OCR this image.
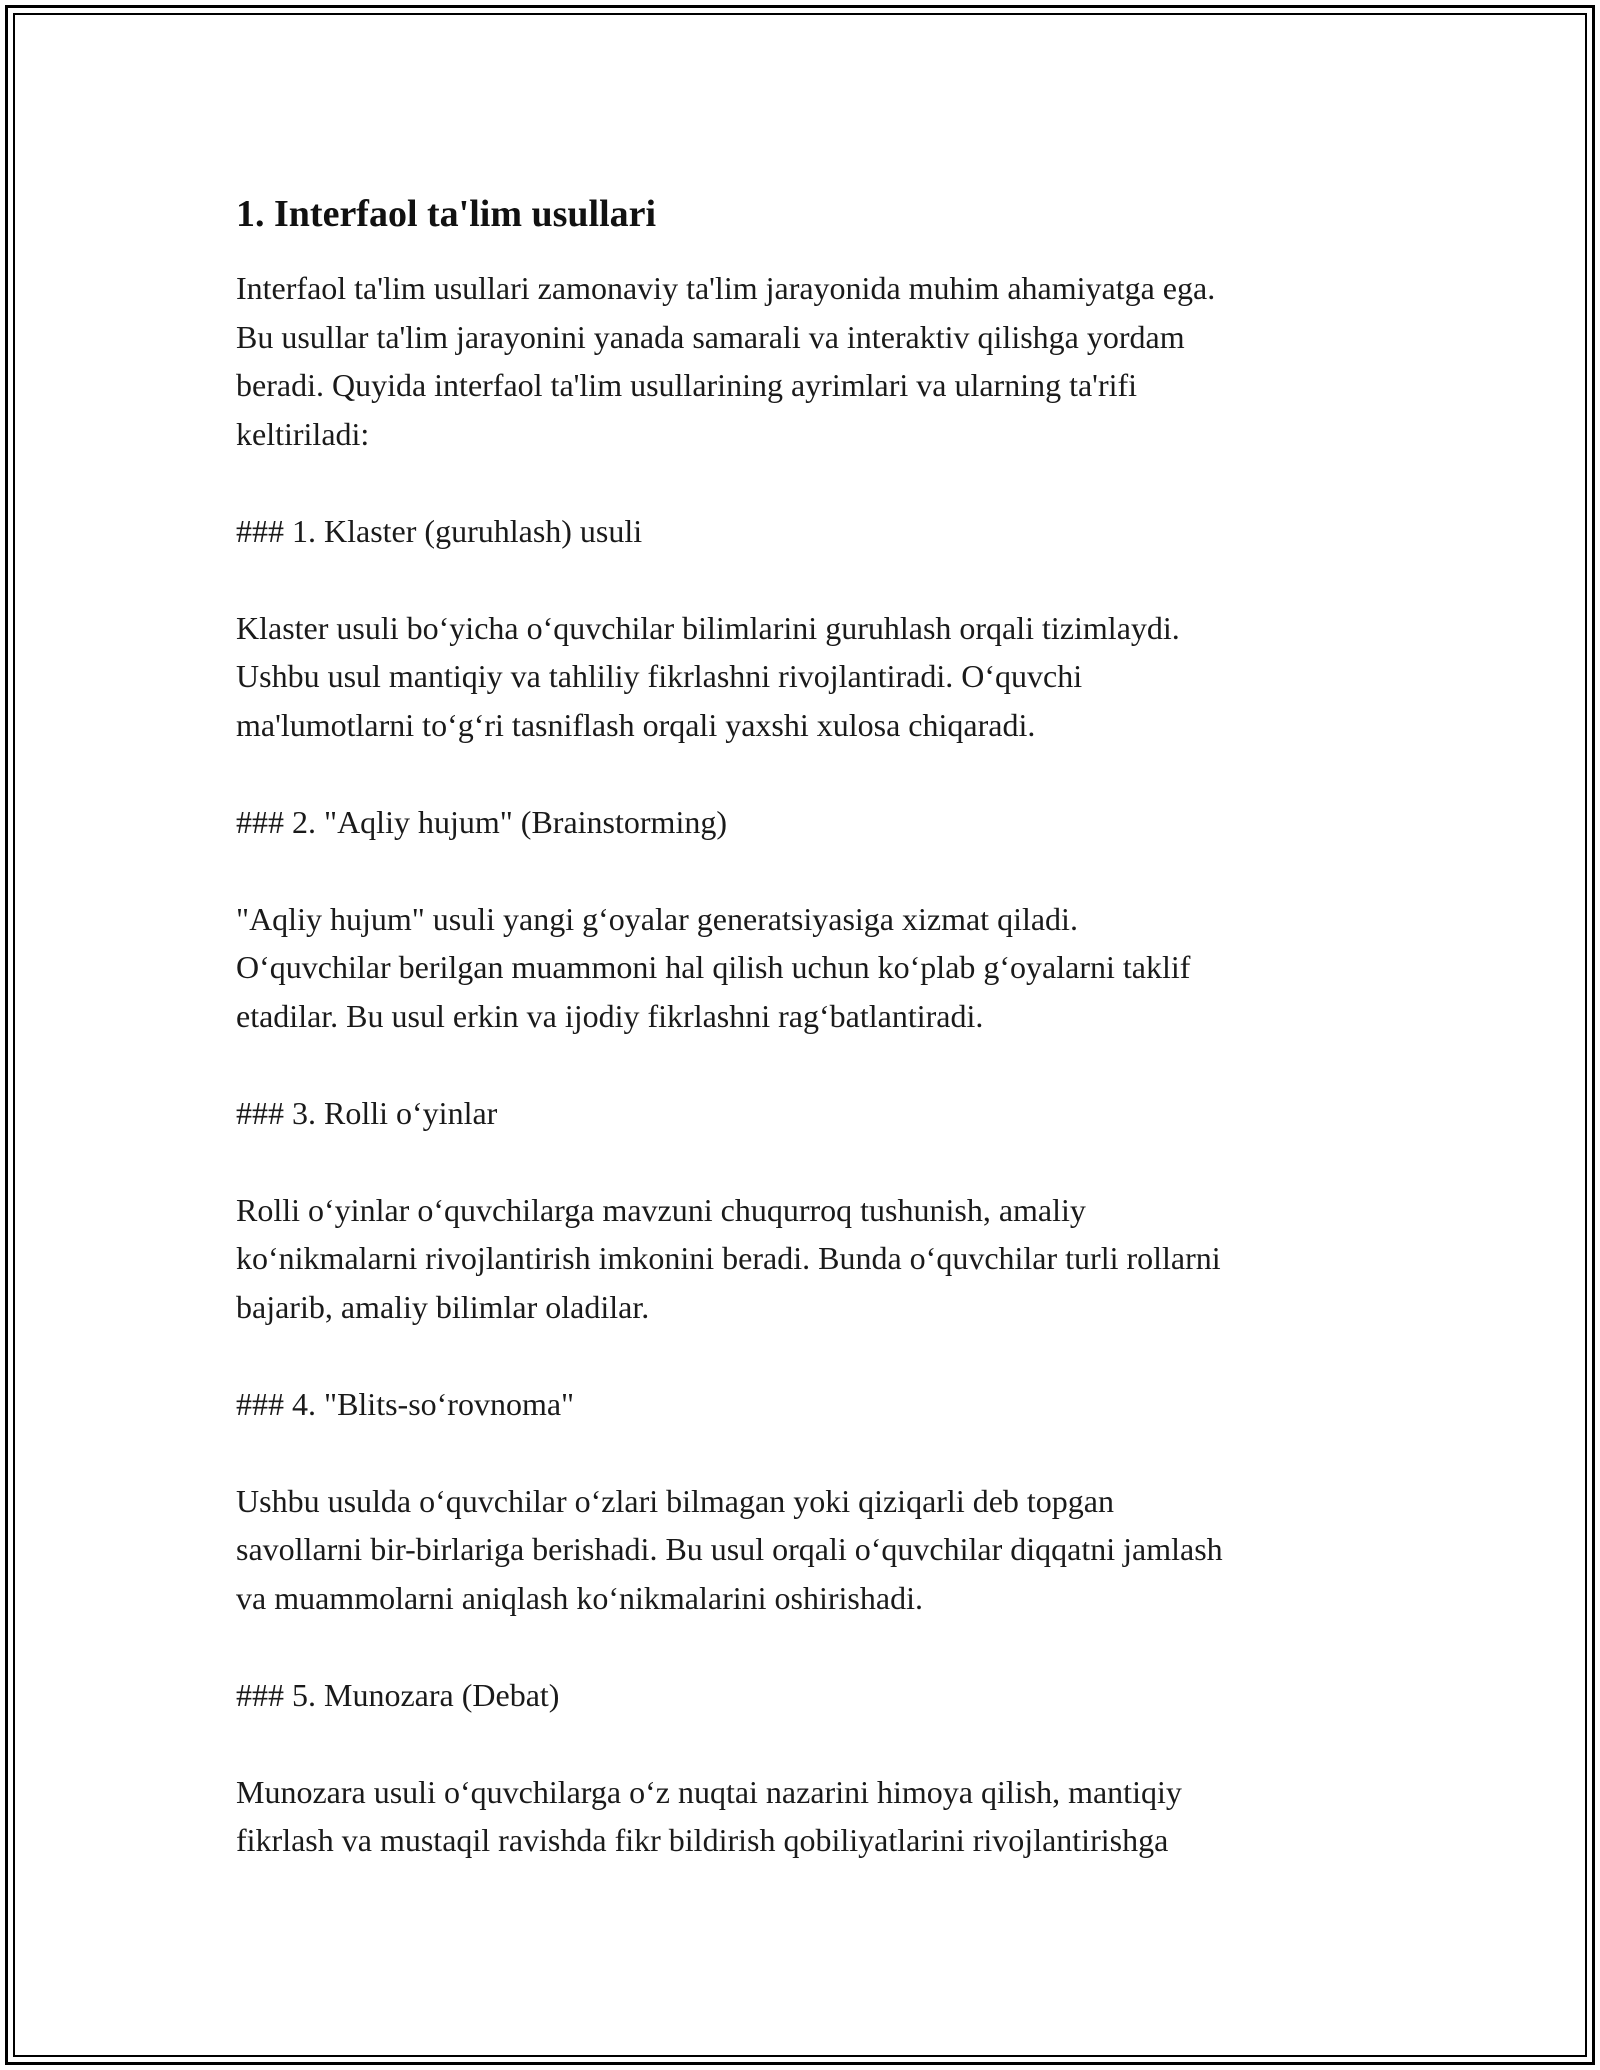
1. Interfaol ta'lim usullari

Interfaol ta'lim usullari zamonaviy ta'lim jarayonida muhim ahamiyatga ega.

Bu usullar ta'lim jarayonini yanada samarali va interaktiv qilishga yordam

beradi. Quyida interfaol ta'lim usullarining ayrimlari va ularning ta'rifi

keltiriladi:

### 1. Klaster (guruhlash) usuli

Klaster usuli bo‘yicha o‘quvchilar bilimlarini guruhlash orqali tizimlaydi.

Ushbu usul mantiqiy va tahliliy fikrlashni rivojlantiradi. O‘quvchi

ma'lumotlarni to‘g‘ri tasniflash orqali yaxshi xulosa chiqaradi.

### 2. "Aqliy hujum" (Brainstorming)

"Aqliy hujum" usuli yangi g‘oyalar generatsiyasiga xizmat qiladi.

O‘quvchilar berilgan muammoni hal qilish uchun ko‘plab g‘oyalarni taklif

etadilar. Bu usul erkin va ijodiy fikrlashni rag‘batlantiradi.

### 3. Rolli o‘yinlar

Rolli o‘yinlar o‘quvchilarga mavzuni chuqurroq tushunish, amaliy

ko‘nikmalarni rivojlantirish imkonini beradi. Bunda o‘quvchilar turli rollarni

bajarib, amaliy bilimlar oladilar.

### 4. "Blits-so‘rovnoma"

Ushbu usulda o‘quvchilar o‘zlari bilmagan yoki qiziqarli deb topgan

savollarni bir-birlariga berishadi. Bu usul orqali o‘quvchilar diqqatni jamlash

va muammolarni aniqlash ko‘nikmalarini oshirishadi.

### 5. Munozara (Debat)

Munozara usuli o‘quvchilarga o‘z nuqtai nazarini himoya qilish, mantiqiy

fikrlash va mustaqil ravishda fikr bildirish qobiliyatlarini rivojlantirishga
